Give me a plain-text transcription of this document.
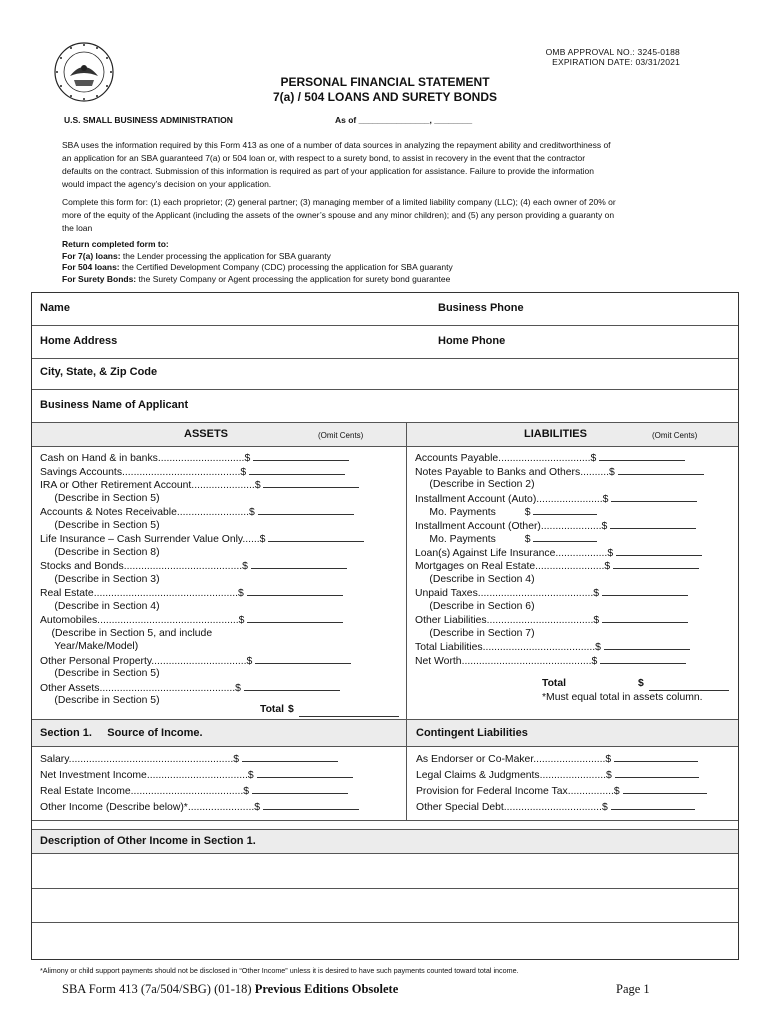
OMB APPROVAL NO.: 3245-0188
EXPIRATION DATE: 03/31/2021
PERSONAL FINANCIAL STATEMENT
7(a) / 504 LOANS AND SURETY BONDS
U.S. SMALL BUSINESS ADMINISTRATION	As of _______________, ________
SBA uses the information required by this Form 413 as one of a number of data sources in analyzing the repayment ability and creditworthiness of
an application for an SBA guaranteed 7(a) or 504 loan or, with respect to a surety bond, to assist in recovery in the event that the contractor
defaults on the contract. Submission of this information is required as part of your application for assistance. Failure to provide the information
would impact the agency’s decision on your application.
Complete this form for: (1) each proprietor; (2) general partner; (3) managing member of a limited liability company (LLC); (4) each owner of 20% or
more of the equity of the Applicant (including the assets of the owner’s spouse and any minor children); and (5) any person providing a guaranty on
the loan
Return completed form to:
For 7(a) loans: the Lender processing the application for SBA guaranty
For 504 loans: the Certified Development Company (CDC) processing the application for SBA guaranty
For Surety Bonds: the Surety Company or Agent processing the application for surety bond guarantee
Name	Business Phone
Home Address	Home Phone
City, State, & Zip Code
Business Name of Applicant
ASSETS	(Omit Cents)	LIABILITIES	(Omit Cents)
Cash on Hand & in banks..............................$
Savings Accounts.........................................$
IRA or Other Retirement Account......................$
(Describe in Section 5)
Accounts & Notes Receivable.........................$
(Describe in Section 5)
Life Insurance – Cash Surrender Value Only......$
(Describe in Section 8)
Stocks and Bonds.........................................$
(Describe in Section 3)
Real Estate..................................................$
(Describe in Section 4)
Automobiles.................................................$
(Describe in Section 5, and include
Year/Make/Model)
Other Personal Property.................................$
(Describe in Section 5)
Other Assets...............................................$
(Describe in Section 5)
Total $
Accounts Payable................................$
Notes Payable to Banks and Others..........$
(Describe in Section 2)
Installment Account (Auto).......................$
Mo. Payments          $
Installment Account (Other).....................$
Mo. Payments          $
Loan(s) Against Life Insurance..................$
Mortgages on Real Estate........................$
(Describe in Section 4)
Unpaid Taxes........................................$
(Describe in Section 6)
Other Liabilities.....................................$
(Describe in Section 7)
Total Liabilities.......................................$
Net Worth.............................................$
Total	$
*Must equal total in assets column.
Section 1.     Source of Income.	Contingent Liabilities
Salary.........................................................$
Net Investment Income...................................$
Real Estate Income.......................................$
Other Income (Describe below)*.......................$
As Endorser or Co-Maker.........................$
Legal Claims & Judgments.......................$
Provision for Federal Income Tax................$
Other Special Debt..................................$
Description of Other Income in Section 1.
*Alimony or child support payments should not be disclosed in “Other Income” unless it is desired to have such payments counted toward total income.
SBA Form 413 (7a/504/SBG) (01-18) Previous Editions Obsolete	Page 1
